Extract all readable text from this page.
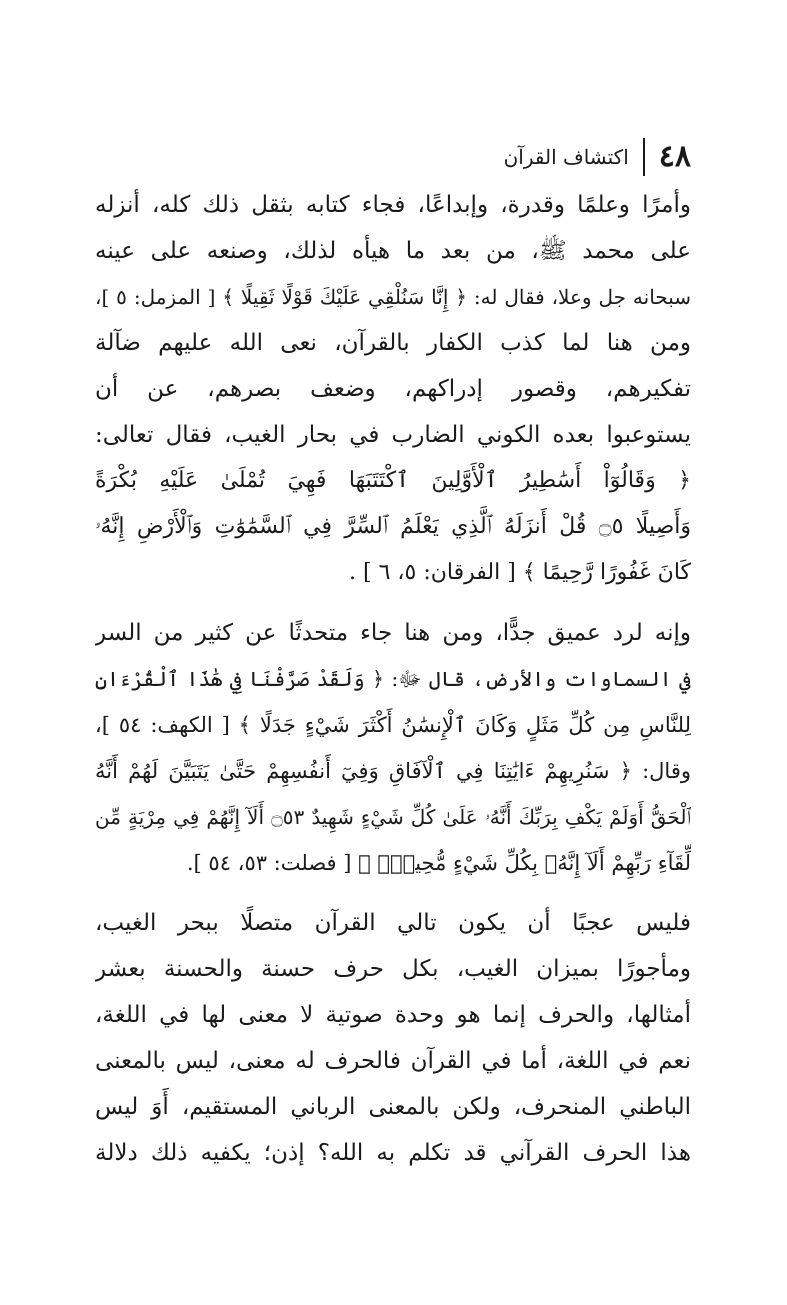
٤٨
اكتشاف القرآن

وأمرًا وعلمًا وقدرة، وإبداعًا، فجاء كتابه بثقل ذلك كله، أنزله
على محمد ﷺ، من بعد ما هيأه لذلك، وصنعه على عينه
سبحانه جل وعلا، فقال له: ﴿ إِنَّا سَنُلْقِي عَلَيْكَ قَوْلًا ثَقِيلًا ﴾ [ المزمل: ٥ ]،
ومن هنا لما كذب الكفار بالقرآن، نعى الله عليهم ضآلة
تفكيرهم، وقصور إدراكهم، وضعف بصرهم، عن أن
يستوعبوا بعده الكوني الضارب في بحار الغيب، فقال تعالى:
﴿ وَقَالُوٓاْ أَسَٰطِيرُ ٱلْأَوَّلِينَ ٱكْتَتَبَهَا فَهِيَ تُمْلَىٰ عَلَيْهِ بُكْرَةً
وَأَصِيلًا ۝٥ قُلْ أَنزَلَهُ ٱلَّذِي يَعْلَمُ ٱلسِّرَّ فِي ٱلسَّمَٰوَٰتِ وَٱلْأَرْضِ إِنَّهُۥ
كَانَ غَفُورًا رَّحِيمًا ﴾ [ الفرقان: ٥، ٦ ] .

وإنه لرد عميق جدًّا، ومن هنا جاء متحدثًا عن كثير من السر
في السماوات والأرض، قال ﷻ: ﴿ وَلَقَدْ صَرَّفْنَا فِي هَٰذَا ٱلْقُرْءَانِ
لِلنَّاسِ مِن كُلِّ مَثَلٍ وَكَانَ ٱلْإِنسَٰنُ أَكْثَرَ شَيْءٍ جَدَلًا ﴾ [ الكهف: ٥٤ ]،
وقال: ﴿ سَنُرِيهِمْ ءَايَٰتِنَا فِي ٱلْآفَاقِ وَفِيٓ أَنفُسِهِمْ حَتَّىٰ يَتَبَيَّنَ لَهُمْ أَنَّهُ
ٱلْحَقُّ أَوَلَمْ يَكْفِ بِرَبِّكَ أَنَّهُۥ عَلَىٰ كُلِّ شَيْءٍ شَهِيدٌ ۝٥٣ أَلَآ إِنَّهُمْ فِي مِرْيَةٍ مِّن
لِّقَآءِ رَبِّهِمْ أَلَآ إِنَّهُۥ بِكُلِّ شَيْءٍ مُّحِيطٌۢ ﴾ [ فصلت: ٥٣، ٥٤ ].

فليس عجبًا أن يكون تالي القرآن متصلًا ببحر الغيب،
ومأجورًا بميزان الغيب، بكل حرف حسنة والحسنة بعشر
أمثالها، والحرف إنما هو وحدة صوتية لا معنى لها في اللغة،
نعم في اللغة، أما في القرآن فالحرف له معنى، ليس بالمعنى
الباطني المنحرف، ولكن بالمعنى الرباني المستقيم، أَوَ ليس
هذا الحرف القرآني قد تكلم به الله؟ إذن؛ يكفيه ذلك دلالة
